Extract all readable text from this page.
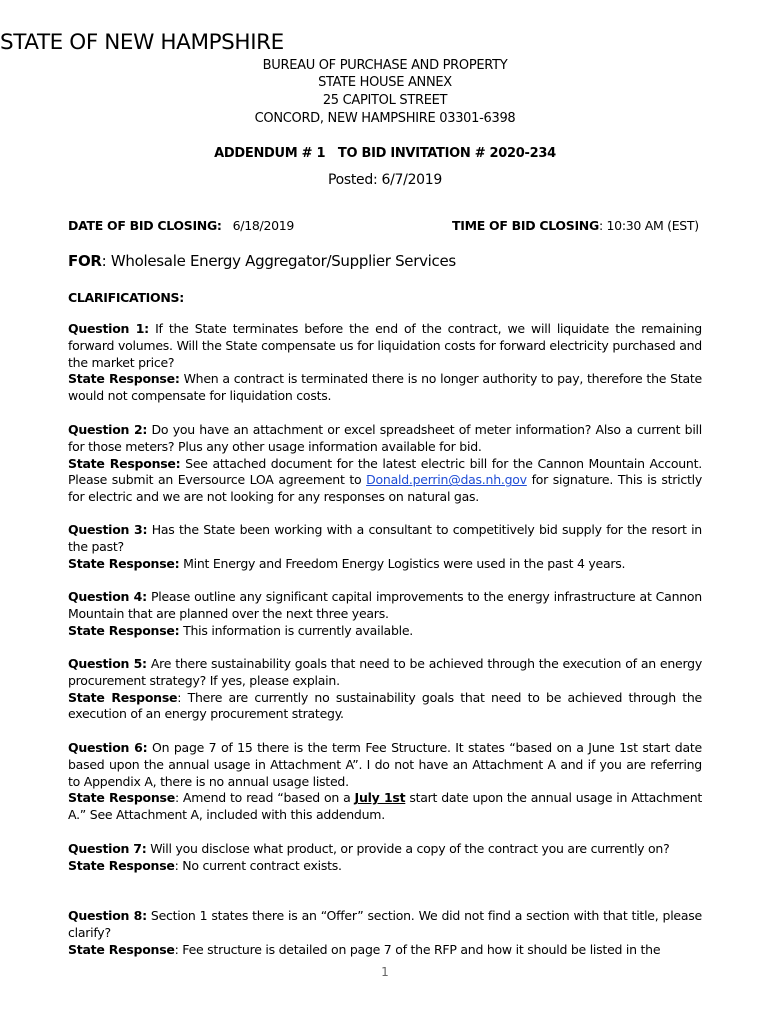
STATE OF NEW HAMPSHIRE
BUREAU OF PURCHASE AND PROPERTY
STATE HOUSE ANNEX
25 CAPITOL STREET
CONCORD, NEW HAMPSHIRE 03301-6398
ADDENDUM # 1   TO BID INVITATION # 2020-234
Posted: 6/7/2019
DATE OF BID CLOSING: 6/18/2019	TIME OF BID CLOSING: 10:30 AM (EST)
FOR: Wholesale Energy Aggregator/Supplier Services
CLARIFICATIONS:

Question 1: If the State terminates before the end of the contract, we will liquidate the remaining forward volumes. Will the State compensate us for liquidation costs for forward electricity purchased and the market price?

State Response: When a contract is terminated there is no longer authority to pay, therefore the State would not compensate for liquidation costs.

Question 2: Do you have an attachment or excel spreadsheet of meter information? Also a current bill for those meters? Plus any other usage information available for bid.

State Response: See attached document for the latest electric bill for the Cannon Mountain Account. Please submit an Eversource LOA agreement to Donald.perrin@das.nh.gov for signature. This is strictly for electric and we are not looking for any responses on natural gas.

Question 3: Has the State been working with a consultant to competitively bid supply for the resort in the past?

State Response: Mint Energy and Freedom Energy Logistics were used in the past 4 years.

Question 4: Please outline any significant capital improvements to the energy infrastructure at Cannon Mountain that are planned over the next three years.

State Response: This information is currently available.

Question 5: Are there sustainability goals that need to be achieved through the execution of an energy procurement strategy? If yes, please explain.

State Response: There are currently no sustainability goals that need to be achieved through the execution of an energy procurement strategy.

Question 6: On page 7 of 15 there is the term Fee Structure. It states “based on a June 1st start date based upon the annual usage in Attachment A”. I do not have an Attachment A and if you are referring to Appendix A, there is no annual usage listed.

State Response: Amend to read “based on a July 1st start date upon the annual usage in Attachment A.” See Attachment A, included with this addendum.

Question 7: Will you disclose what product, or provide a copy of the contract you are currently on?

State Response: No current contract exists.

Question 8: Section 1 states there is an “Offer” section. We did not find a section with that title, please clarify?

State Response: Fee structure is detailed on page 7 of the RFP and how it should be listed in the

1
